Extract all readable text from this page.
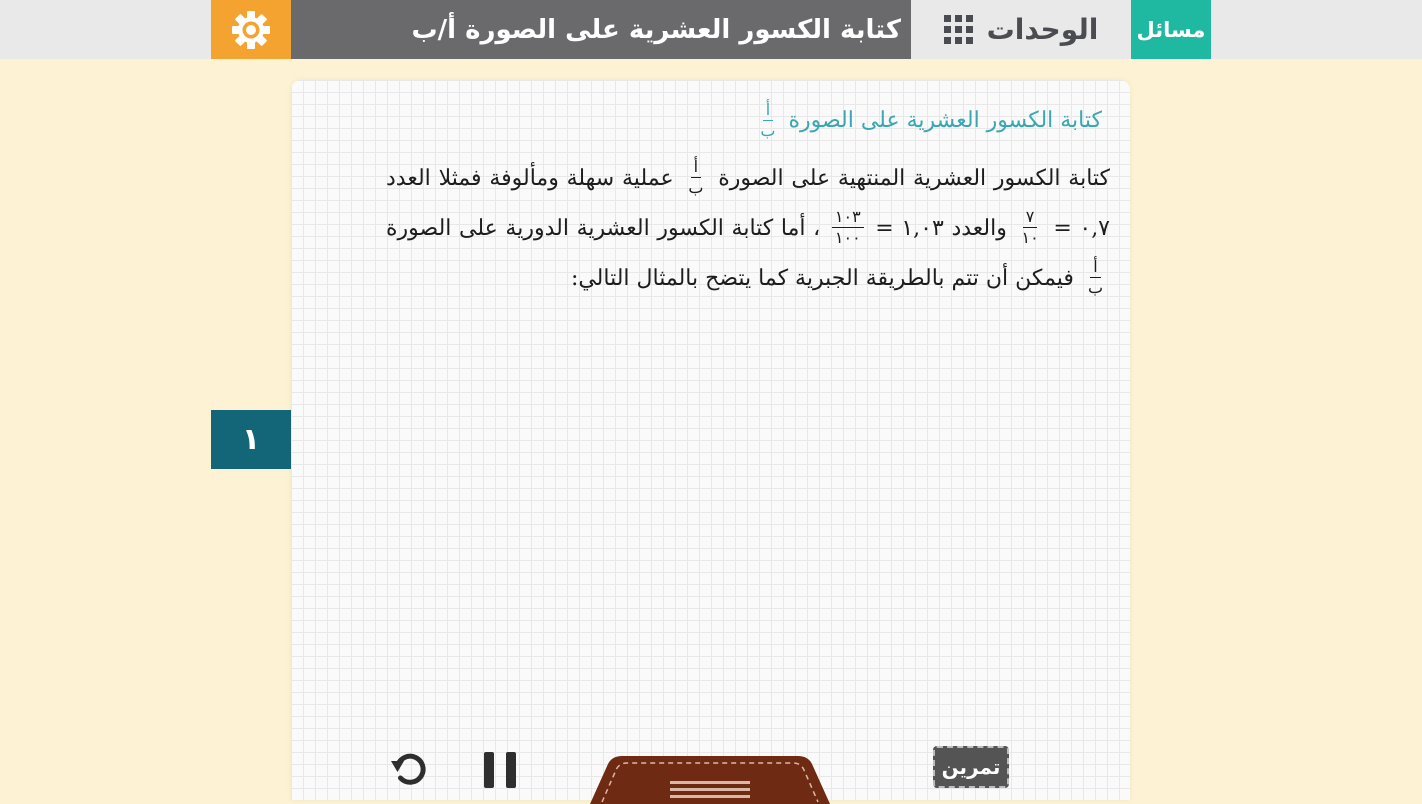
كتابة الكسور العشرية على الصورة أ/ب	الوحدات مسائل
كتابة الكسور العشرية على الصورة
$\frac{\text{أ}}{\text{ب}}$
كتابة الكسور العشرية المنتهية على الصورة
$\frac{\text{أ}}{\text{ب}}$
عملية سهلة ومألوفة فمثلا العدد ٠,٧ =
$\frac{٧}{١٠}$
والعدد ١,٠٣ =
$\frac{١٠٣}{١٠٠}$
، أما كتابة الكسور العشرية الدورية على الصورة
$\frac{\text{أ}}{\text{ب}}$
فيمكن أن تتم بالطريقة الجبرية كما يتضح بالمثال التالي:
١
تمرين
